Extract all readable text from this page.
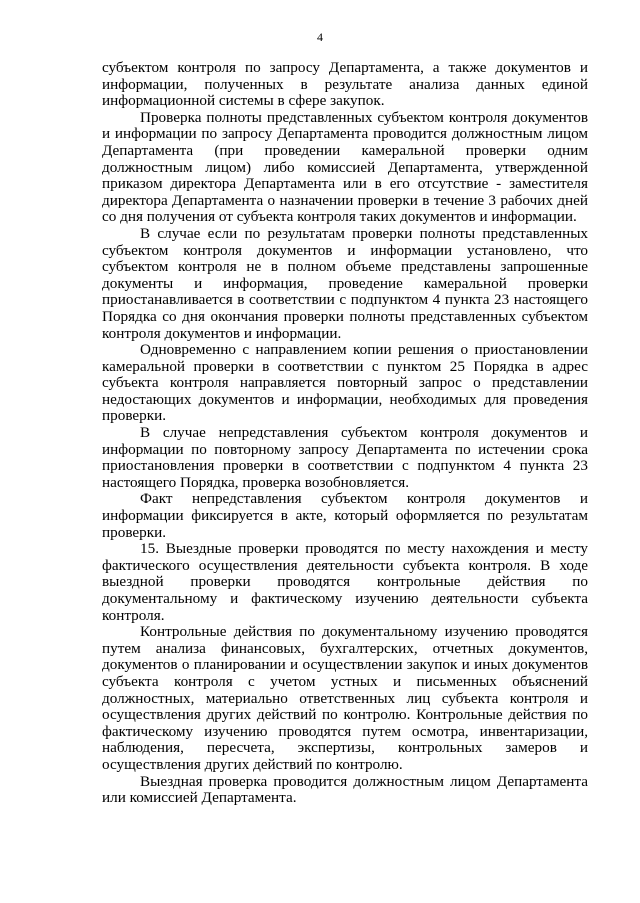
4

субъектом контроля по запросу Департамента, а также документов и информации, полученных в результате анализа данных единой информационной системы в сфере закупок.

Проверка полноты представленных субъектом контроля документов и информации по запросу Департамента проводится должностным лицом Департамента (при проведении камеральной проверки одним должностным лицом) либо комиссией Департамента, утвержденной приказом директора Департамента или в его отсутствие - заместителя директора Департамента о назначении проверки в течение 3 рабочих дней со дня получения от субъекта контроля таких документов и информации.

В случае если по результатам проверки полноты представленных субъектом контроля документов и информации установлено, что субъектом контроля не в полном объеме представлены запрошенные документы и информация, проведение камеральной проверки приостанавливается в соответствии с подпунктом 4 пункта 23 настоящего Порядка со дня окончания проверки полноты представленных субъектом контроля документов и информации.

Одновременно с направлением копии решения о приостановлении камеральной проверки в соответствии с пунктом 25 Порядка в адрес субъекта контроля направляется повторный запрос о представлении недостающих документов и информации, необходимых для проведения проверки.

В случае непредставления субъектом контроля документов и информации по повторному запросу Департамента по истечении срока приостановления проверки в соответствии с подпунктом 4 пункта 23 настоящего Порядка, проверка возобновляется.

Факт непредставления субъектом контроля документов и информации фиксируется в акте, который оформляется по результатам проверки.

15. Выездные проверки проводятся по месту нахождения и месту фактического осуществления деятельности субъекта контроля. В ходе выездной проверки проводятся контрольные действия по документальному и фактическому изучению деятельности субъекта контроля.

Контрольные действия по документальному изучению проводятся путем анализа финансовых, бухгалтерских, отчетных документов, документов о планировании и осуществлении закупок и иных документов субъекта контроля с учетом устных и письменных объяснений должностных, материально ответственных лиц субъекта контроля и осуществления других действий по контролю. Контрольные действия по фактическому изучению проводятся путем осмотра, инвентаризации, наблюдения, пересчета, экспертизы, контрольных замеров и осуществления других действий по контролю.

Выездная проверка проводится должностным лицом Департамента или комиссией Департамента.
